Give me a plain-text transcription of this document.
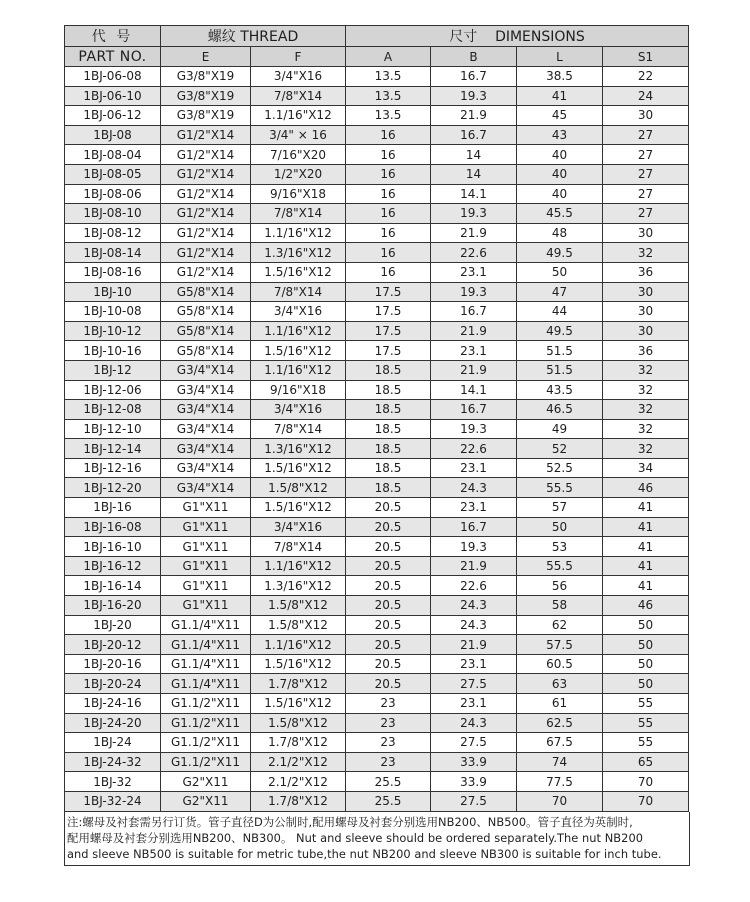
代 号	螺纹 THREAD		尺寸 DIMENSIONS			
PART NO.	E	F	A	B	L	S1
1BJ-06-08	G3/8"X19	3/4"X16	13.5	16.7	38.5	22
1BJ-06-10	G3/8"X19	7/8"X14	13.5	19.3	41	24
1BJ-06-12	G3/8"X19	1.1/16"X12	13.5	21.9	45	30
1BJ-08	G1/2"X14	3/4" × 16	16	16.7	43	27
1BJ-08-04	G1/2"X14	7/16"X20	16	14	40	27
1BJ-08-05	G1/2"X14	1/2"X20	16	14	40	27
1BJ-08-06	G1/2"X14	9/16"X18	16	14.1	40	27
1BJ-08-10	G1/2"X14	7/8"X14	16	19.3	45.5	27
1BJ-08-12	G1/2"X14	1.1/16"X12	16	21.9	48	30
1BJ-08-14	G1/2"X14	1.3/16"X12	16	22.6	49.5	32
1BJ-08-16	G1/2"X14	1.5/16"X12	16	23.1	50	36
1BJ-10	G5/8"X14	7/8"X14	17.5	19.3	47	30
1BJ-10-08	G5/8"X14	3/4"X16	17.5	16.7	44	30
1BJ-10-12	G5/8"X14	1.1/16"X12	17.5	21.9	49.5	30
1BJ-10-16	G5/8"X14	1.5/16"X12	17.5	23.1	51.5	36
1BJ-12	G3/4"X14	1.1/16"X12	18.5	21.9	51.5	32
1BJ-12-06	G3/4"X14	9/16"X18	18.5	14.1	43.5	32
1BJ-12-08	G3/4"X14	3/4"X16	18.5	16.7	46.5	32
1BJ-12-10	G3/4"X14	7/8"X14	18.5	19.3	49	32
1BJ-12-14	G3/4"X14	1.3/16"X12	18.5	22.6	52	32
1BJ-12-16	G3/4"X14	1.5/16"X12	18.5	23.1	52.5	34
1BJ-12-20	G3/4"X14	1.5/8"X12	18.5	24.3	55.5	46
1BJ-16	G1"X11	1.5/16"X12	20.5	23.1	57	41
1BJ-16-08	G1"X11	3/4"X16	20.5	16.7	50	41
1BJ-16-10	G1"X11	7/8"X14	20.5	19.3	53	41
1BJ-16-12	G1"X11	1.1/16"X12	20.5	21.9	55.5	41
1BJ-16-14	G1"X11	1.3/16"X12	20.5	22.6	56	41
1BJ-16-20	G1"X11	1.5/8"X12	20.5	24.3	58	46
1BJ-20	G1.1/4"X11	1.5/8"X12	20.5	24.3	62	50
1BJ-20-12	G1.1/4"X11	1.1/16"X12	20.5	21.9	57.5	50
1BJ-20-16	G1.1/4"X11	1.5/16"X12	20.5	23.1	60.5	50
1BJ-20-24	G1.1/4"X11	1.7/8"X12	20.5	27.5	63	50
1BJ-24-16	G1.1/2"X11	1.5/16"X12	23	23.1	61	55
1BJ-24-20	G1.1/2"X11	1.5/8"X12	23	24.3	62.5	55
1BJ-24	G1.1/2"X11	1.7/8"X12	23	27.5	67.5	55
1BJ-24-32	G1.1/2"X11	2.1/2"X12	23	33.9	74	65
1BJ-32	G2"X11	2.1/2"X12	25.5	33.9	77.5	70
1BJ-32-24	G2"X11	1.7/8"X12	25.5	27.5	70	70
注:螺母及衬套需另行订货。管子直径D为公制时,配用螺母及衬套分别选用NB200、NB500。管子直径为英制时,
配用螺母及衬套分别选用NB200、NB300。 Nut and sleeve should be ordered separately.The nut NB200
and sleeve NB500 is suitable for metric tube,the nut NB200 and sleeve NB300 is suitable for inch tube.
